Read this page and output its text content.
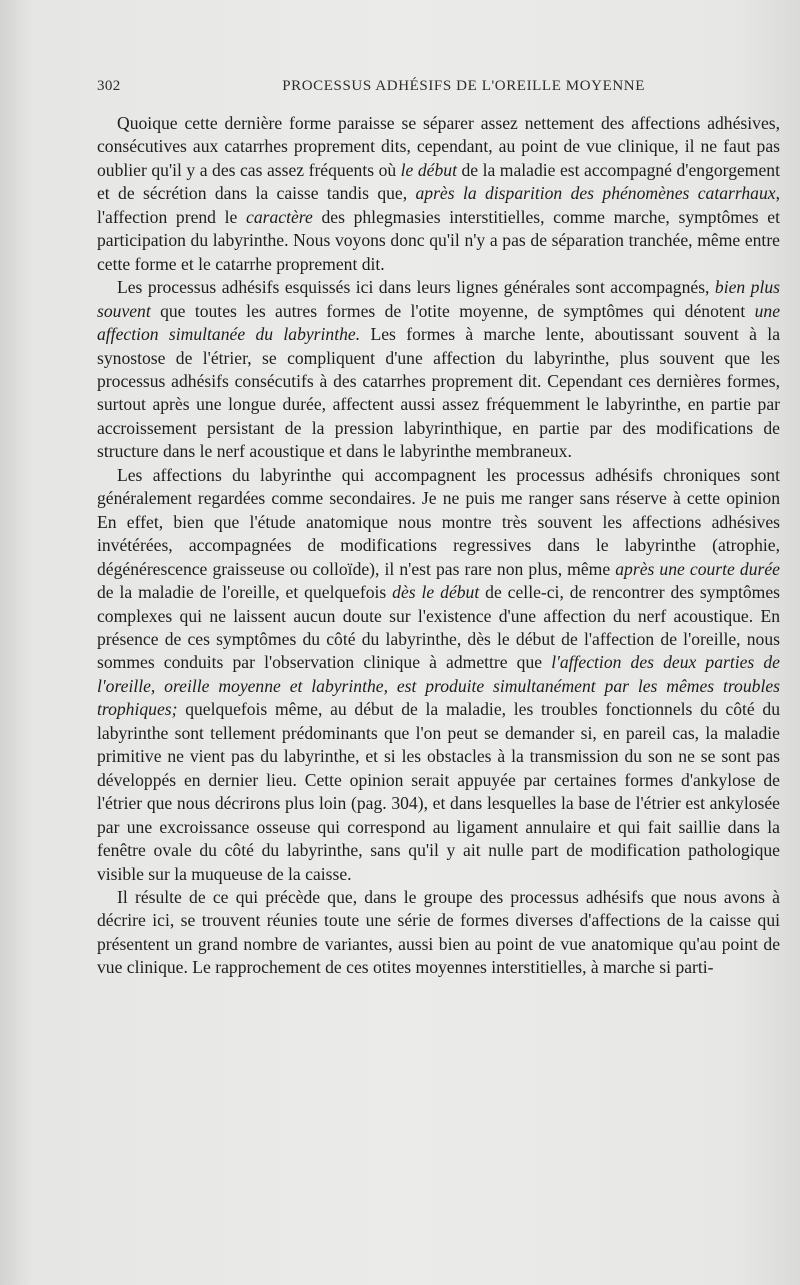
302	PROCESSUS ADHÉSIFS DE L'OREILLE MOYENNE

Quoique cette dernière forme paraisse se séparer assez nettement des affections adhésives, consécutives aux catarrhes proprement dits, cependant, au point de vue clinique, il ne faut pas oublier qu'il y a des cas assez fréquents où le début de la maladie est accompagné d'engorgement et de sécrétion dans la caisse tandis que, après la disparition des phénomènes catarrhaux, l'affection prend le caractère des phlegmasies interstitielles, comme marche, symptômes et participation du labyrinthe. Nous voyons donc qu'il n'y a pas de séparation tranchée, même entre cette forme et le catarrhe proprement dit.

Les processus adhésifs esquissés ici dans leurs lignes générales sont accompagnés, bien plus souvent que toutes les autres formes de l'otite moyenne, de symptômes qui dénotent une affection simultanée du labyrinthe. Les formes à marche lente, aboutissant souvent à la synostose de l'étrier, se compliquent d'une affection du labyrinthe, plus souvent que les processus adhésifs consécutifs à des catarrhes proprement dit. Cependant ces dernières formes, surtout après une longue durée, affectent aussi assez fréquemment le labyrinthe, en partie par accroissement persistant de la pression labyrinthique, en partie par des modifications de structure dans le nerf acoustique et dans le labyrinthe membraneux.

Les affections du labyrinthe qui accompagnent les processus adhésifs chroniques sont généralement regardées comme secondaires. Je ne puis me ranger sans réserve à cette opinion En effet, bien que l'étude anatomique nous montre très souvent les affections adhésives invétérées, accompagnées de modifications regressives dans le labyrinthe (atrophie, dégénérescence graisseuse ou colloïde), il n'est pas rare non plus, même après une courte durée de la maladie de l'oreille, et quelquefois dès le début de celle-ci, de rencontrer des symptômes complexes qui ne laissent aucun doute sur l'existence d'une affection du nerf acoustique. En présence de ces symptômes du côté du labyrinthe, dès le début de l'affection de l'oreille, nous sommes conduits par l'observation clinique à admettre que l'affection des deux parties de l'oreille, oreille moyenne et labyrinthe, est produite simultanément par les mêmes troubles trophiques; quelquefois même, au début de la maladie, les troubles fonctionnels du côté du labyrinthe sont tellement prédominants que l'on peut se demander si, en pareil cas, la maladie primitive ne vient pas du labyrinthe, et si les obstacles à la transmission du son ne se sont pas développés en dernier lieu. Cette opinion serait appuyée par certaines formes d'ankylose de l'étrier que nous décrirons plus loin (pag. 304), et dans lesquelles la base de l'étrier est ankylosée par une excroissance osseuse qui correspond au ligament annulaire et qui fait saillie dans la fenêtre ovale du côté du labyrinthe, sans qu'il y ait nulle part de modification pathologique visible sur la muqueuse de la caisse.

Il résulte de ce qui précède que, dans le groupe des processus adhésifs que nous avons à décrire ici, se trouvent réunies toute une série de formes diverses d'affections de la caisse qui présentent un grand nombre de variantes, aussi bien au point de vue anatomique qu'au point de vue clinique. Le rapprochement de ces otites moyennes interstitielles, à marche si parti-
